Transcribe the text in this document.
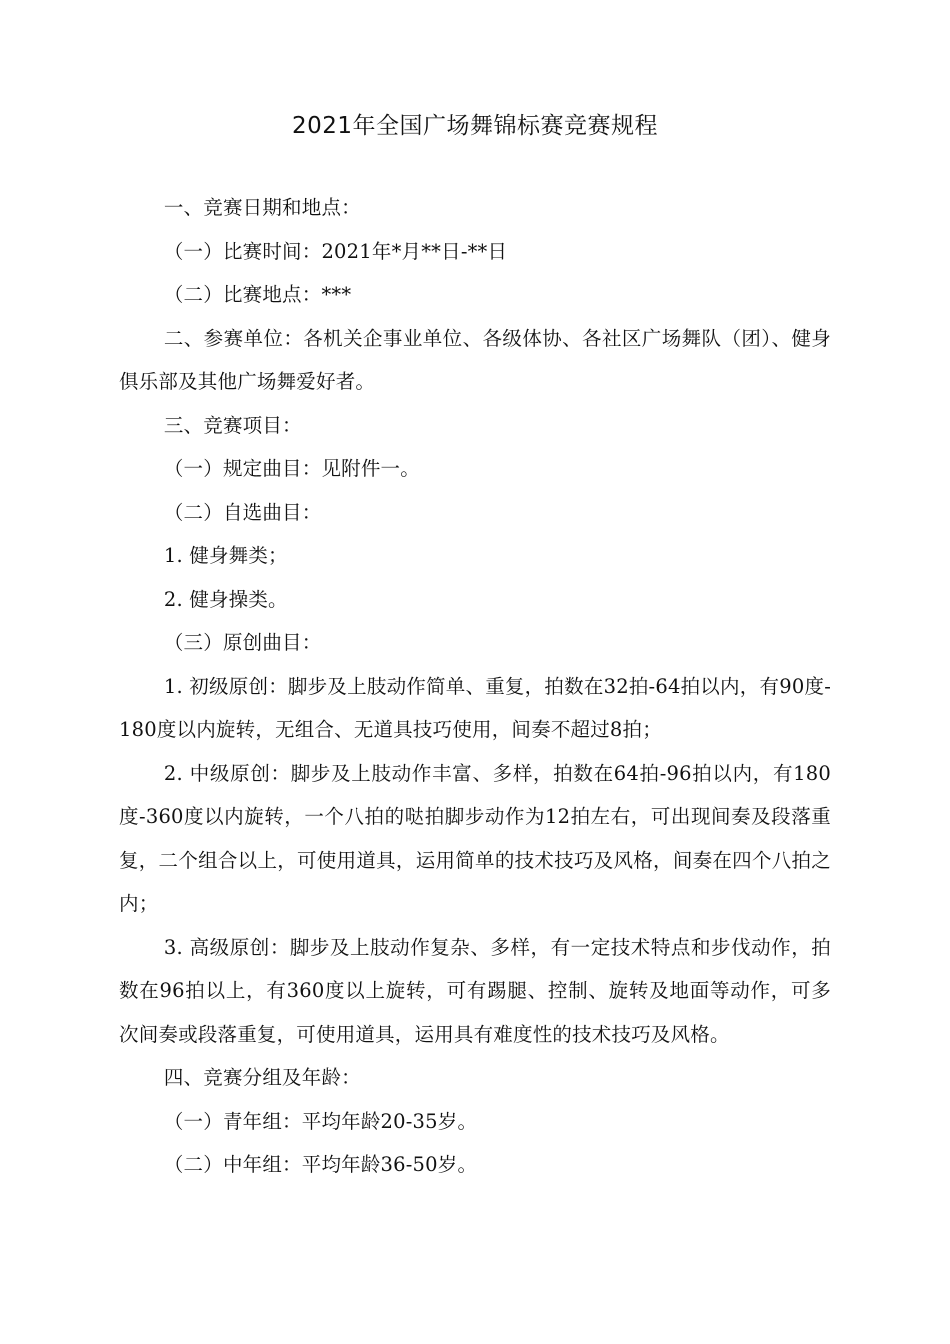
2021年全国广场舞锦标赛竞赛规程

一、竞赛日期和地点：

（一）比赛时间：2021年*月**日-**日

（二）比赛地点：***

二、参赛单位：各机关企事业单位、各级体协、各社区广场舞队（团）、健身俱乐部及其他广场舞爱好者。

三、竞赛项目：

（一）规定曲目：见附件一。

（二）自选曲目：

1. 健身舞类；

2. 健身操类。

（三）原创曲目：

1. 初级原创：脚步及上肢动作简单、重复，拍数在32拍-64拍以内，有90度-180度以内旋转，无组合、无道具技巧使用，间奏不超过8拍；

2. 中级原创：脚步及上肢动作丰富、多样，拍数在64拍-96拍以内，有180度-360度以内旋转，一个八拍的哒拍脚步动作为12拍左右，可出现间奏及段落重复，二个组合以上，可使用道具，运用简单的技术技巧及风格，间奏在四个八拍之内；

3. 高级原创：脚步及上肢动作复杂、多样，有一定技术特点和步伐动作，拍数在96拍以上，有360度以上旋转，可有踢腿、控制、旋转及地面等动作，可多次间奏或段落重复，可使用道具，运用具有难度性的技术技巧及风格。

四、竞赛分组及年龄：

（一）青年组：平均年龄20-35岁。

（二）中年组：平均年龄36-50岁。
